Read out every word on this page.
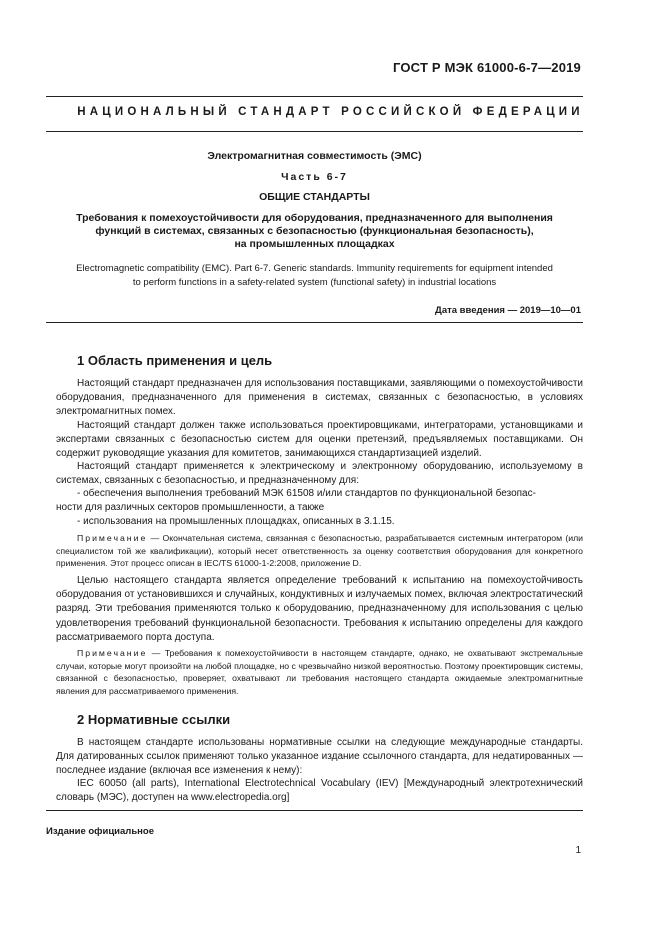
ГОСТ Р МЭК 61000-6-7—2019
НАЦИОНАЛЬНЫЙ СТАНДАРТ РОССИЙСКОЙ ФЕДЕРАЦИИ
Электромагнитная совместимость (ЭМС)
Часть 6-7
ОБЩИЕ СТАНДАРТЫ
Требования к помехоустойчивости для оборудования, предназначенного для выполнения
функций в системах, связанных с безопасностью (функциональная безопасность),
на промышленных площадках
Electromagnetic compatibility (EMC). Part 6-7. Generic standards. Immunity requirements for equipment intended
to perform functions in a safety-related system (functional safety) in industrial locations
Дата введения — 2019—10—01
1 Область применения и цель
Настоящий стандарт предназначен для использования поставщиками, заявляющими о помехоустойчивости оборудования, предназначенного для применения в системах, связанных с безопасностью, в условиях электромагнитных помех.
Настоящий стандарт должен также использоваться проектировщиками, интеграторами, установщиками и экспертами связанных с безопасностью систем для оценки претензий, предъявляемых поставщиками. Он содержит руководящие указания для комитетов, занимающихся стандартизацией изделий.
Настоящий стандарт применяется к электрическому и электронному оборудованию, используемому в системах, связанных с безопасностью, и предназначенному для:
- обеспечения выполнения требований МЭК 61508 и/или стандартов по функциональной безопас-
ности для различных секторов промышленности, а также
- использования на промышленных площадках, описанных в 3.1.15.
Примечание — Окончательная система, связанная с безопасностью, разрабатывается системным интегратором (или специалистом той же квалификации), который несет ответственность за оценку соответствия оборудования для конкретного применения. Этот процесс описан в IEC/TS 61000-1-2:2008, приложение D.
Целью настоящего стандарта является определение требований к испытанию на помехоустойчивость оборудования от установившихся и случайных, кондуктивных и излучаемых помех, включая электростатический разряд. Эти требования применяются только к оборудованию, предназначенному для использования с целью удовлетворения требований функциональной безопасности. Требования к испытанию определены для каждого рассматриваемого порта доступа.
Примечание — Требования к помехоустойчивости в настоящем стандарте, однако, не охватывают экстремальные случаи, которые могут произойти на любой площадке, но с чрезвычайно низкой вероятностью. Поэтому проектировщик системы, связанной с безопасностью, проверяет, охватывают ли требования настоящего стандарта ожидаемые электромагнитные явления для рассматриваемого применения.
2 Нормативные ссылки
В настоящем стандарте использованы нормативные ссылки на следующие международные стандарты. Для датированных ссылок применяют только указанное издание ссылочного стандарта, для недатированных — последнее издание (включая все изменения к нему):
IEC 60050 (all parts), International Electrotechnical Vocabulary (IEV) [Международный электротехнический словарь (МЭС), доступен на www.electropedia.org]
Издание официальное
1
